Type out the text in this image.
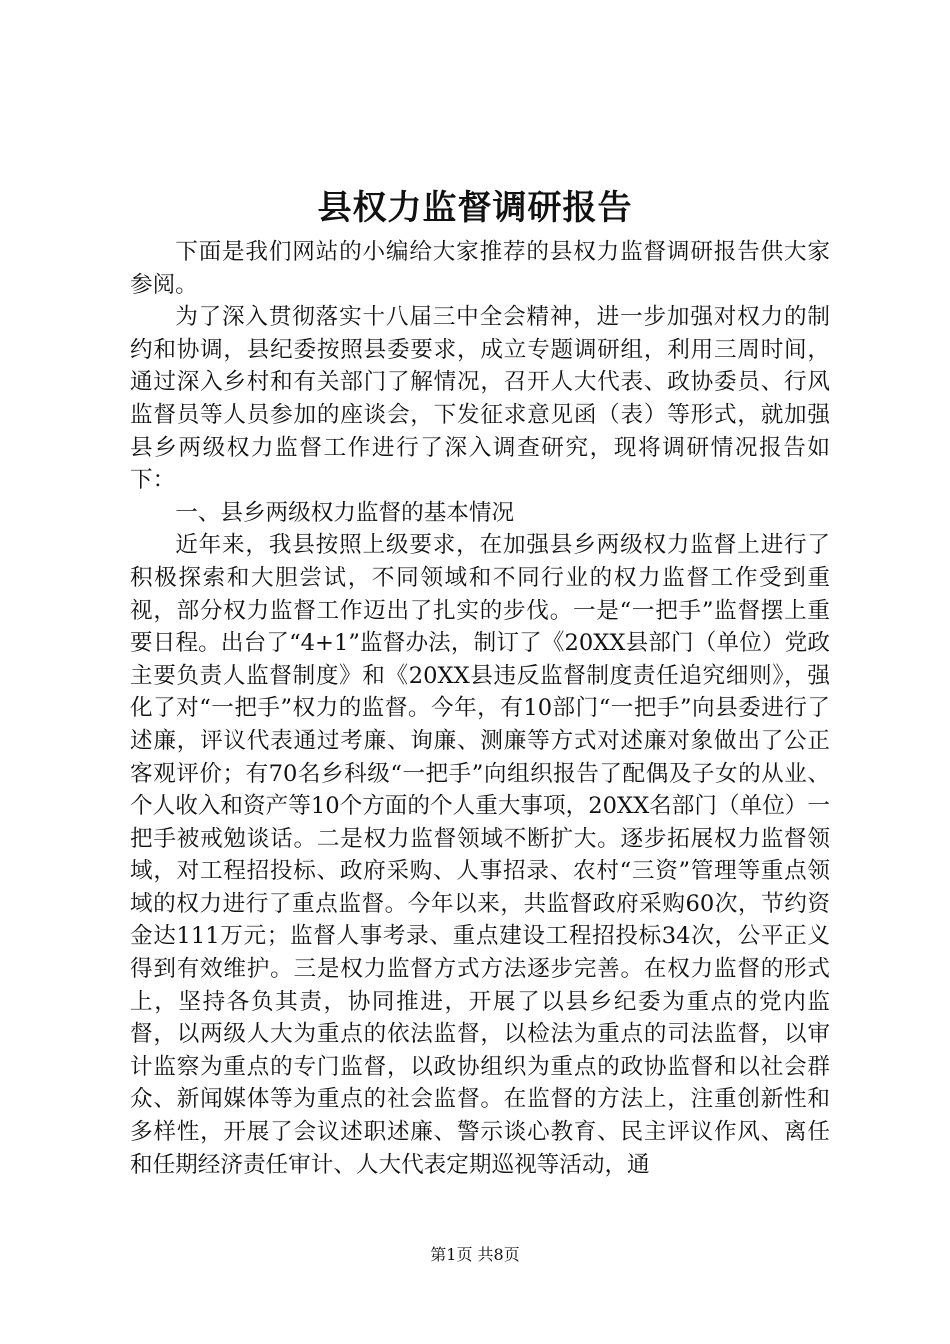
县权力监督调研报告

下面是我们网站的小编给大家推荐的县权力监督调研报告供大家参阅。

为了深入贯彻落实十八届三中全会精神，进一步加强对权力的制约和协调，县纪委按照县委要求，成立专题调研组，利用三周时间，通过深入乡村和有关部门了解情况，召开人大代表、政协委员、行风监督员等人员参加的座谈会，下发征求意见函（表）等形式，就加强县乡两级权力监督工作进行了深入调查研究，现将调研情况报告如下：

一、县乡两级权力监督的基本情况

近年来，我县按照上级要求，在加强县乡两级权力监督上进行了积极探索和大胆尝试，不同领域和不同行业的权力监督工作受到重视，部分权力监督工作迈出了扎实的步伐。一是“一把手”监督摆上重要日程。出台了“4+1”监督办法，制订了《20XX县部门（单位）党政主要负责人监督制度》和《20XX县违反监督制度责任追究细则》，强化了对“一把手”权力的监督。今年，有10部门“一把手”向县委进行了述廉，评议代表通过考廉、询廉、测廉等方式对述廉对象做出了公正客观评价；有70名乡科级“一把手”向组织报告了配偶及子女的从业、个人收入和资产等10个方面的个人重大事项，20XX名部门（单位）一把手被戒勉谈话。二是权力监督领域不断扩大。逐步拓展权力监督领域，对工程招投标、政府采购、人事招录、农村“三资”管理等重点领域的权力进行了重点监督。今年以来，共监督政府采购60次，节约资金达111万元；监督人事考录、重点建设工程招投标34次，公平正义得到有效维护。三是权力监督方式方法逐步完善。在权力监督的形式上，坚持各负其责，协同推进，开展了以县乡纪委为重点的党内监督，以两级人大为重点的依法监督，以检法为重点的司法监督，以审计监察为重点的专门监督，以政协组织为重点的政协监督和以社会群众、新闻媒体等为重点的社会监督。在监督的方法上，注重创新性和多样性，开展了会议述职述廉、警示谈心教育、民主评议作风、离任和任期经济责任审计、人大代表定期巡视等活动，通

第1页 共8页
